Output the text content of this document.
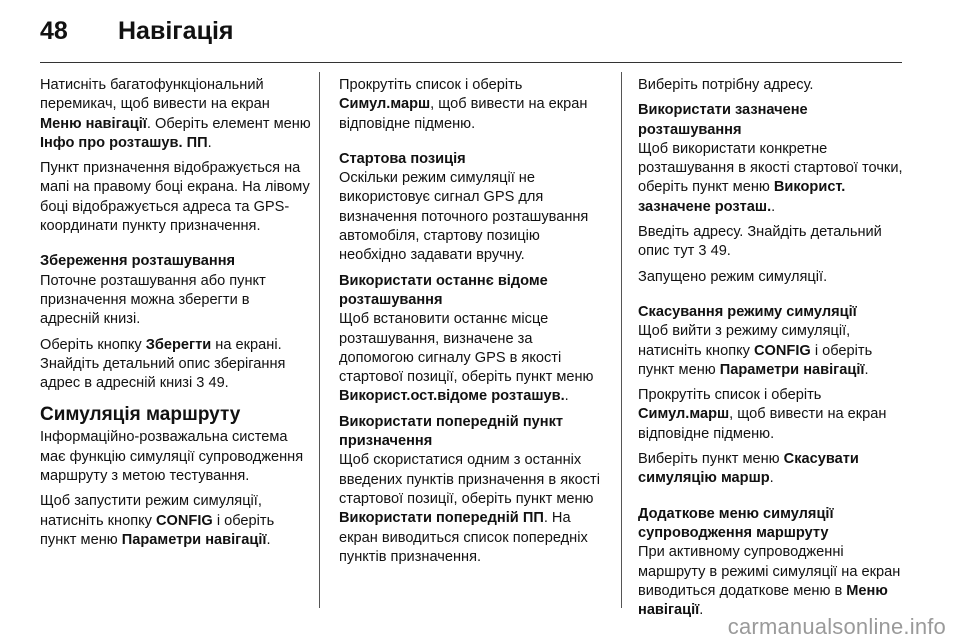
48	Навігація

Натисніть багатофункціональний перемикач, щоб вивести на екран Меню навігації. Оберіть елемент меню Інфо про розташув. ПП.

Пункт призначення відображується на мапі на правому боці екрана. На лівому боці відображується адреса та GPS-координати пункту призначення.

Збереження розташування

Поточне розташування або пункт призначення можна зберегти в адресній книзі.

Оберіть кнопку Зберегти на екрані. Знайдіть детальний опис зберігання адрес в адресній книзі 3 49.

Симуляція маршруту

Інформаційно-розважальна система має функцію симуляції супроводження маршруту з метою тестування.

Щоб запустити режим симуляції, натисніть кнопку CONFIG і оберіть пункт меню Параметри навігації.

Прокрутіть список і оберіть Симул.марш, щоб вивести на екран відповідне підменю.

Стартова позиція

Оскільки режим симуляції не використовує сигнал GPS для визначення поточного розташування автомобіля, стартову позицію необхідно задавати вручну.

Використати останнє відоме розташування

Щоб встановити останнє місце розташування, визначене за допомогою сигналу GPS в якості стартової позиції, оберіть пункт меню Використ.ост.відоме розташув..

Використати попередній пункт призначення

Щоб скористатися одним з останніх введених пунктів призначення в якості стартової позиції, оберіть пункт меню Використати попередній ПП. На екран виводиться список попередніх пунктів призначення.

Виберіть потрібну адресу.

Використати зазначене розташування

Щоб використати конкретне розташування в якості стартової точки, оберіть пункт меню Використ. зазначене розташ..

Введіть адресу. Знайдіть детальний опис тут 3 49.

Запущено режим симуляції.

Скасування режиму симуляції

Щоб вийти з режиму симуляції, натисніть кнопку CONFIG і оберіть пункт меню Параметри навігації.

Прокрутіть список і оберіть Симул.марш, щоб вивести на екран відповідне підменю.

Виберіть пункт меню Скасувати симуляцію маршр.

Додаткове меню симуляції супроводження маршруту

При активному супроводженні маршруту в режимі симуляції на екран виводиться додаткове меню в Меню навігації.

carmanualsonline.info
